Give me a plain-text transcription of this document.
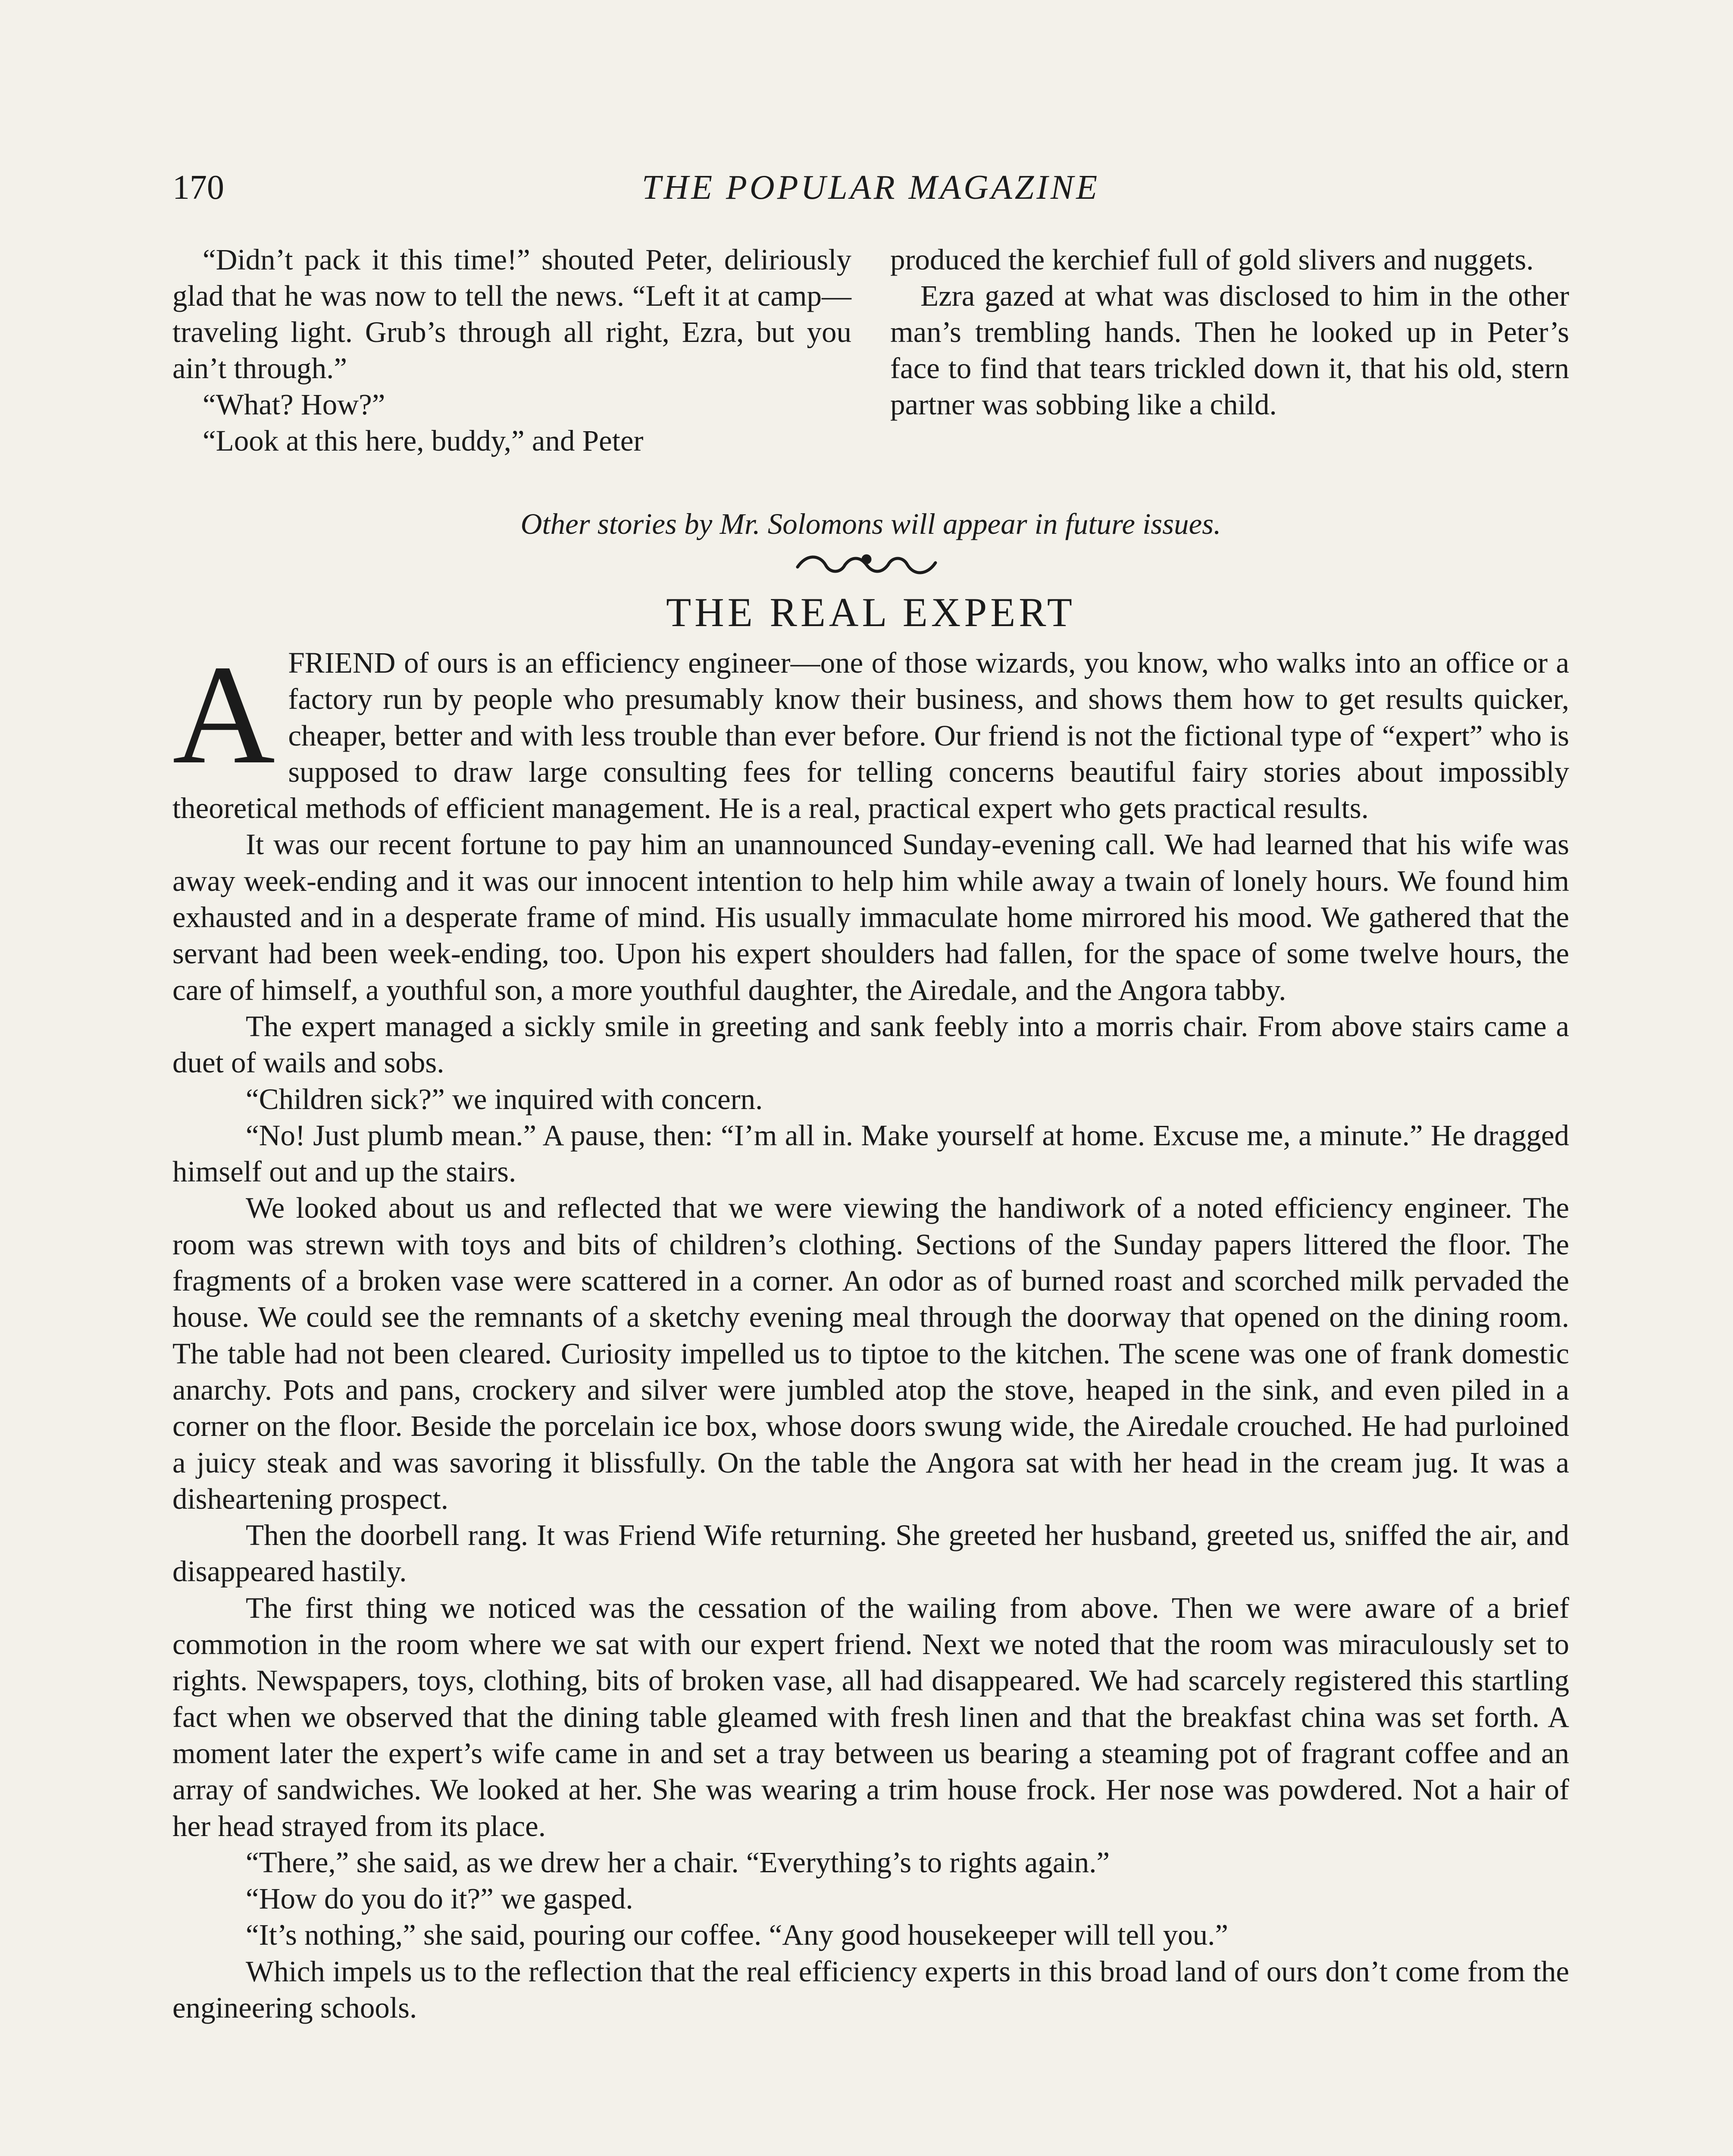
170	THE POPULAR MAGAZINE

“Didn’t pack it this time!” shouted Peter, deliriously glad that he was now to tell the news. “Left it at camp—traveling light. Grub’s through all right, Ezra, but you ain’t through.”

“What? How?”

“Look at this here, buddy,” and Peter

produced the kerchief full of gold slivers and nuggets.

Ezra gazed at what was disclosed to him in the other man’s trembling hands. Then he looked up in Peter’s face to find that tears trickled down it, that his old, stern partner was sobbing like a child.

Other stories by Mr. Solomons will appear in future issues.
THE REAL EXPERT

A FRIEND of ours is an efficiency engineer—one of those wizards, you know, who walks into an office or a factory run by people who presumably know their business, and shows them how to get results quicker, cheaper, better and with less trouble than ever before. Our friend is not the fictional type of “expert” who is supposed to draw large consulting fees for telling concerns beautiful fairy stories about impossibly theoretical methods of efficient management. He is a real, practical expert who gets practical results.

It was our recent fortune to pay him an unannounced Sunday-evening call. We had learned that his wife was away week-ending and it was our innocent intention to help him while away a twain of lonely hours. We found him exhausted and in a desperate frame of mind. His usually immaculate home mirrored his mood. We gathered that the servant had been week-ending, too. Upon his expert shoulders had fallen, for the space of some twelve hours, the care of himself, a youthful son, a more youthful daughter, the Airedale, and the Angora tabby.

The expert managed a sickly smile in greeting and sank feebly into a morris chair. From above stairs came a duet of wails and sobs.

“Children sick?” we inquired with concern.

“No! Just plumb mean.” A pause, then: “I’m all in. Make yourself at home. Excuse me, a minute.” He dragged himself out and up the stairs.

We looked about us and reflected that we were viewing the handiwork of a noted efficiency engineer. The room was strewn with toys and bits of children’s clothing. Sections of the Sunday papers littered the floor. The fragments of a broken vase were scattered in a corner. An odor as of burned roast and scorched milk pervaded the house. We could see the remnants of a sketchy evening meal through the doorway that opened on the dining room. The table had not been cleared. Curiosity impelled us to tiptoe to the kitchen. The scene was one of frank domestic anarchy. Pots and pans, crockery and silver were jumbled atop the stove, heaped in the sink, and even piled in a corner on the floor. Beside the porcelain ice box, whose doors swung wide, the Airedale crouched. He had purloined a juicy steak and was savoring it blissfully. On the table the Angora sat with her head in the cream jug. It was a disheartening prospect.

Then the doorbell rang. It was Friend Wife returning. She greeted her husband, greeted us, sniffed the air, and disappeared hastily.

The first thing we noticed was the cessation of the wailing from above. Then we were aware of a brief commotion in the room where we sat with our expert friend. Next we noted that the room was miraculously set to rights. Newspapers, toys, clothing, bits of broken vase, all had disappeared. We had scarcely registered this startling fact when we observed that the dining table gleamed with fresh linen and that the breakfast china was set forth. A moment later the expert’s wife came in and set a tray between us bearing a steaming pot of fragrant coffee and an array of sandwiches. We looked at her. She was wearing a trim house frock. Her nose was powdered. Not a hair of her head strayed from its place.

“There,” she said, as we drew her a chair. “Everything’s to rights again.”

“How do you do it?” we gasped.

“It’s nothing,” she said, pouring our coffee. “Any good housekeeper will tell you.”

Which impels us to the reflection that the real efficiency experts in this broad land of ours don’t come from the engineering schools.
